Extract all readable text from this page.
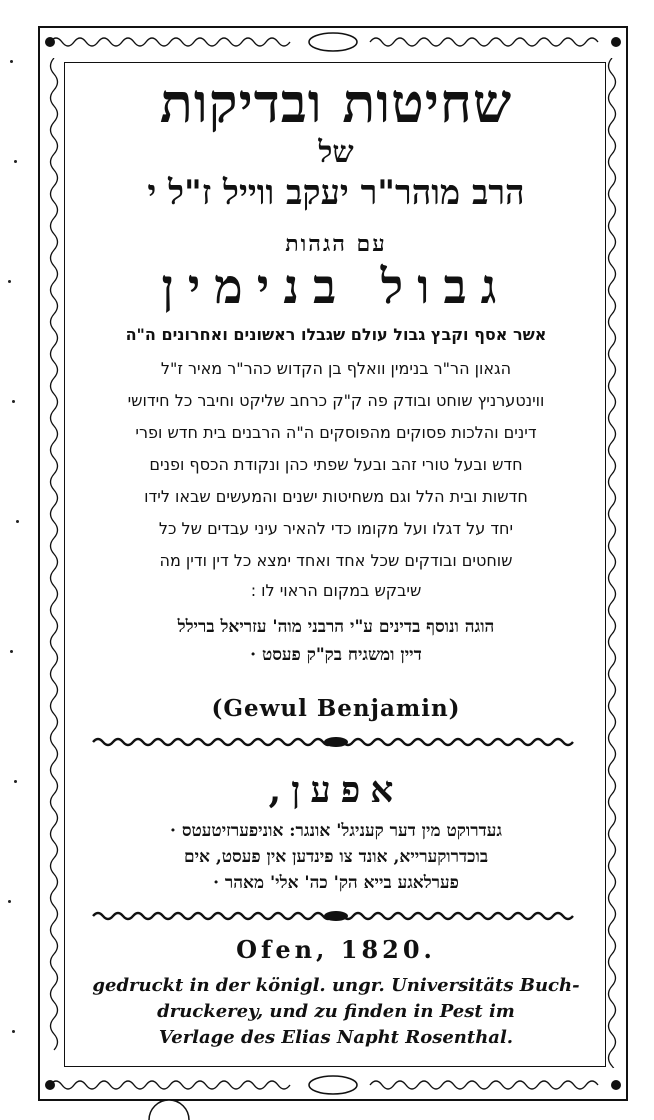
שחיטות ובדיקות
של
הרב מוהר"ר יעקב ווייל ז"ל י
עם הגהות
גבול בנימין
אשר אסף וקבץ גבול עולם שגבלו ראשונים ואחרונים ה"ה
הגאון הר"ר בנימין וואלף בן הקדוש כהר"ר מאיר ז"ל
ווינטערניץ שוחט ובודק פה ק"ק כרחב שליקט וחיבר כל חידושי
דינים והלכות פסוקים מהפוסקים ה"ה הרבנים בית חדש ופרי
חדש ובעל טורי זהב ובעל שפתי כהן ונקודת הכסף ופנים
חדשות ובית הלל וגם משחיטות ישנים והמעשים שבאו לידו
יחד על דגלו ועל מקומו כדי להאיר עיני עבדים של כל
שוחטים ובודקים שכל אחד ואחד ימצא כל דין ודין מה
שיבקש במקום הראוי לו :
הוגה ונוסף בדינים ע"י הרבני מוה' עזריאל ברילל
דיין ומשגיח בק"ק פעסט ·
(Gewul Benjamin)
אפען,
געדרוקט מין דער קעניגל' אונגר: אוניפערזיטעטס ·
בוכדרוקערייא, אונד צו פינדען אין פעסט, אים
פערלאגע בייא הק' כה' אלי' מאהר ·
Ofen, 1820.
gedruckt in der königl. ungr. Universitäts Buch-
druckerey, und zu finden in Pest im
Verlage des Elias Napht Rosenthal.
